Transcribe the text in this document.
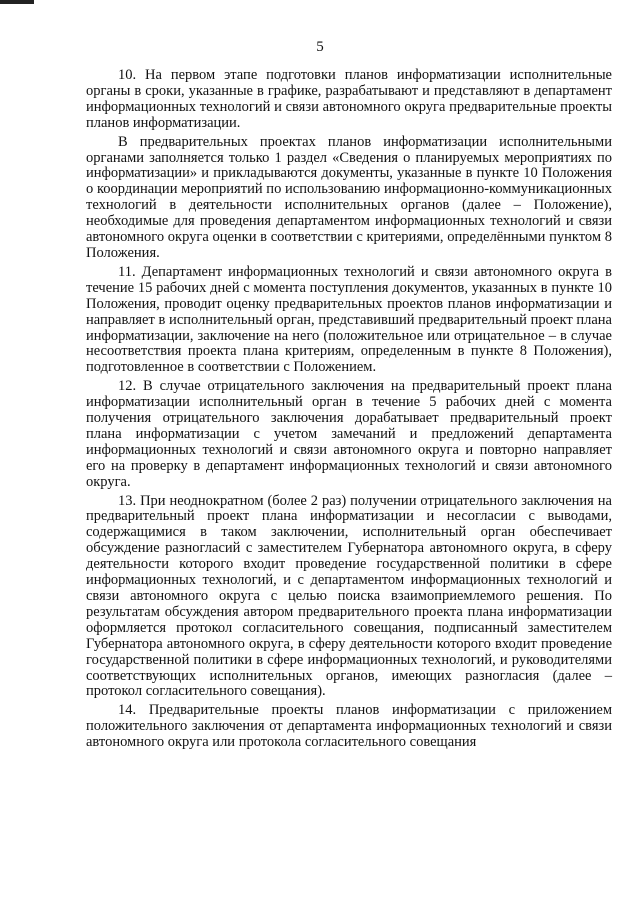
5

10. На первом этапе подготовки планов информатизации исполнительные органы в сроки, указанные в графике, разрабатывают и представляют в департамент информационных технологий и связи автономного округа предварительные проекты планов информатизации.

В предварительных проектах планов информатизации исполнительными органами заполняется только 1 раздел «Сведения о планируемых мероприятиях по информатизации» и прикладываются документы, указанные в пункте 10 Положения о координации мероприятий по использованию информационно-коммуникационных технологий в деятельности исполнительных органов (далее – Положение), необходимые для проведения департаментом информационных технологий и связи автономного округа оценки в соответствии с критериями, определёнными пунктом 8 Положения.

11. Департамент информационных технологий и связи автономного округа в течение 15 рабочих дней с момента поступления документов, указанных в пункте 10 Положения, проводит оценку предварительных проектов планов информатизации и направляет в исполнительный орган, представивший предварительный проект плана информатизации, заключение на него (положительное или отрицательное – в случае несоответствия проекта плана критериям, определенным в пункте 8 Положения), подготовленное в соответствии с Положением.

12. В случае отрицательного заключения на предварительный проект плана информатизации исполнительный орган в течение 5 рабочих дней с момента получения отрицательного заключения дорабатывает предварительный проект плана информатизации с учетом замечаний и предложений департамента информационных технологий и связи автономного округа и повторно направляет его на проверку в департамент информационных технологий и связи автономного округа.

13. При неоднократном (более 2 раз) получении отрицательного заключения на предварительный проект плана информатизации и несогласии с выводами, содержащимися в таком заключении, исполнительный орган обеспечивает обсуждение разногласий с заместителем Губернатора автономного округа, в сферу деятельности которого входит проведение государственной политики в сфере информационных технологий, и с департаментом информационных технологий и связи автономного округа с целью поиска взаимоприемлемого решения. По результатам обсуждения автором предварительного проекта плана информатизации оформляется протокол согласительного совещания, подписанный заместителем Губернатора автономного округа, в сферу деятельности которого входит проведение государственной политики в сфере информационных технологий, и руководителями соответствующих исполнительных органов, имеющих разногласия (далее – протокол согласительного совещания).

14. Предварительные проекты планов информатизации с приложением положительного заключения от департамента информационных технологий и связи автономного округа или протокола согласительного совещания
